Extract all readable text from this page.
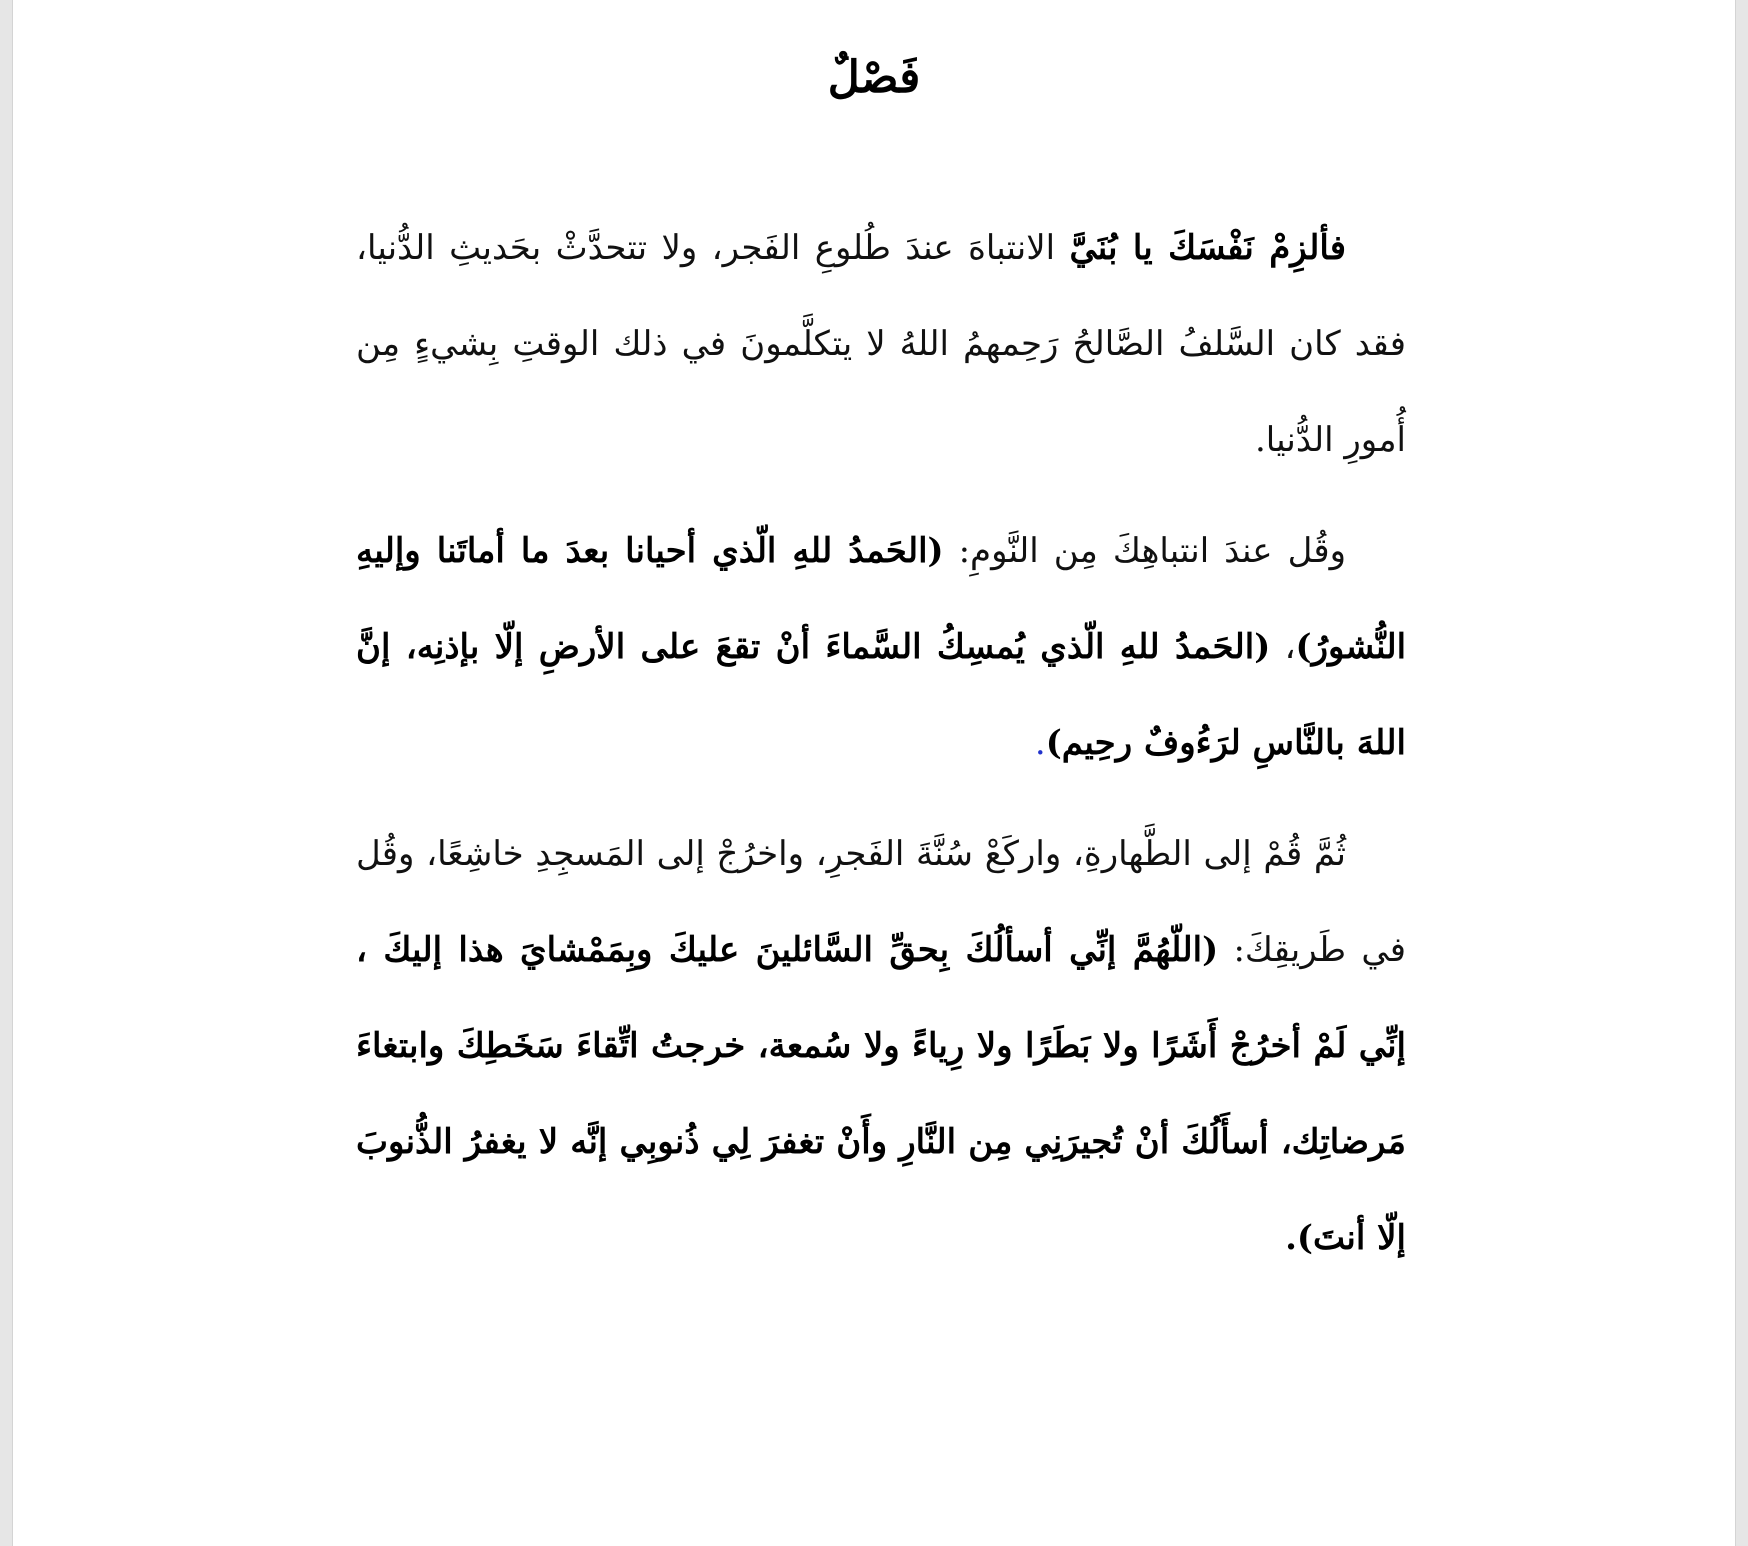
فَصْلٌ

فألزِمْ نَفْسَكَ يا بُنَيَّ الانتباهَ عندَ طُلوعِ الفَجر، ولا تتحدَّثْ بحَديثِ الدُّنيا، فقد كان السَّلفُ الصَّالحُ رَحِمهمُ اللهُ لا يتكلَّمونَ في ذلك الوقتِ بِشيءٍ مِن أُمورِ الدُّنيا.

وقُل عندَ انتباهِكَ مِن النَّومِ: (الحَمدُ للهِ الّذي أحيانا بعدَ ما أماتَنا وإليهِ النُّشورُ)، (الحَمدُ للهِ الّذي يُمسِكُ السَّماءَ أنْ تقعَ على الأرضِ إلّا بإذنِه، إنَّ اللهَ بالنَّاسِ لرَءُوفٌ رحِيم).

ثُمَّ قُمْ إلى الطَّهارةِ، واركَعْ سُنَّةَ الفَجرِ، واخرُجْ إلى المَسجِدِ خاشِعًا، وقُل في طَريقِكَ: (اللّهُمَّ إنِّي أسألُكَ بِحقِّ السَّائلينَ عليكَ وبِمَمْشايَ هذا إليكَ ، إنِّي لَمْ أخرُجْ أَشَرًا ولا بَطَرًا ولا رِياءً ولا سُمعة، خرجتُ اتِّقاءَ سَخَطِكَ وابتغاءَ مَرضاتِك، أسأَلُكَ أنْ تُجيرَنِي مِن النَّارِ وأَنْ تغفرَ لِي ذُنوبِي إنَّه لا يغفرُ الذُّنوبَ إلّا أنتَ).
